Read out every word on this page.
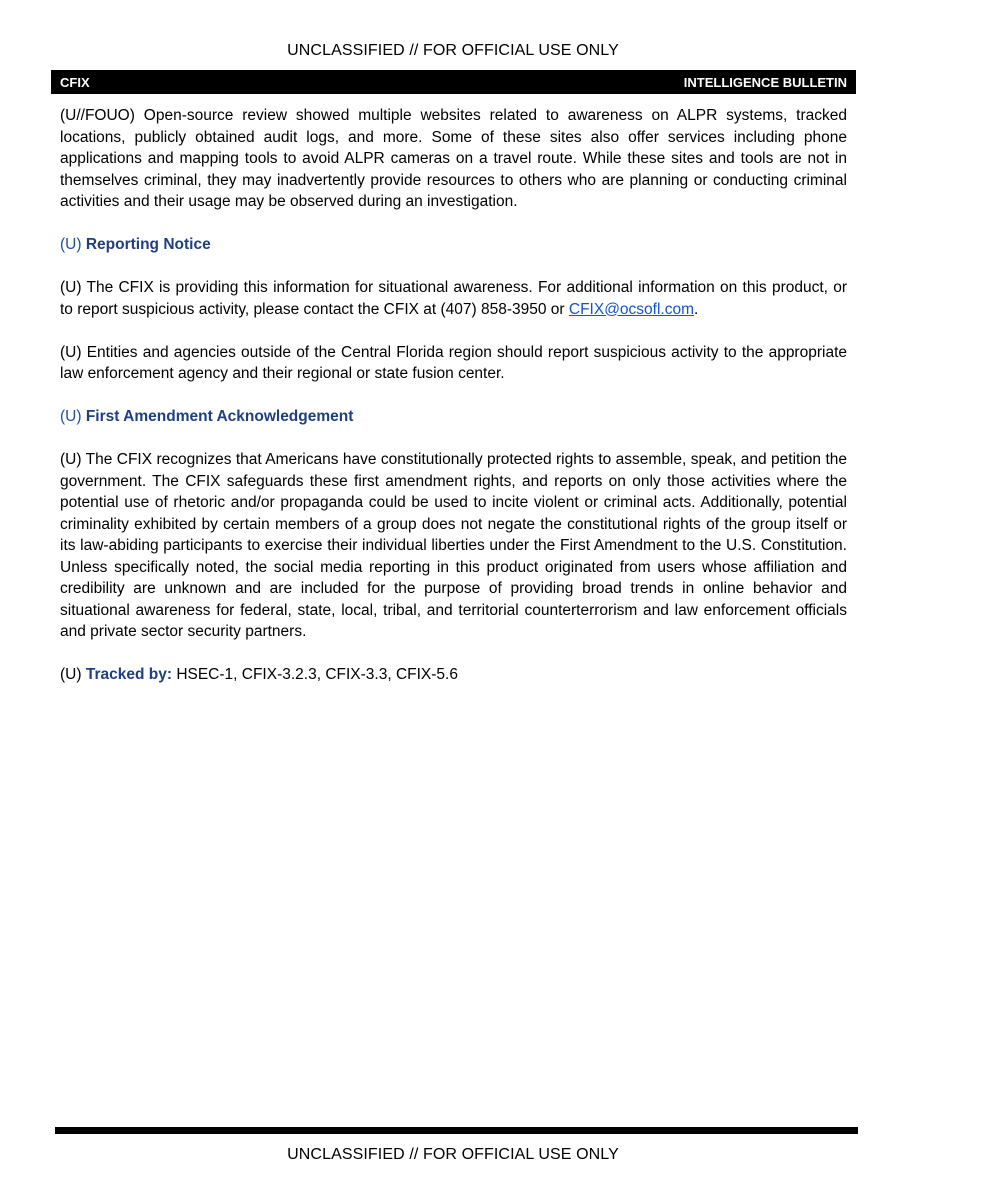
UNCLASSIFIED // FOR OFFICIAL USE ONLY
CFIX	INTELLIGENCE BULLETIN

(U//FOUO) Open-source review showed multiple websites related to awareness on ALPR systems, tracked locations, publicly obtained audit logs, and more. Some of these sites also offer services including phone applications and mapping tools to avoid ALPR cameras on a travel route. While these sites and tools are not in themselves criminal, they may inadvertently provide resources to others who are planning or conducting criminal activities and their usage may be observed during an investigation.

(U) Reporting Notice

(U) The CFIX is providing this information for situational awareness. For additional information on this product, or to report suspicious activity, please contact the CFIX at (407) 858-3950 or CFIX@ocsofl.com.

(U) Entities and agencies outside of the Central Florida region should report suspicious activity to the appropriate law enforcement agency and their regional or state fusion center.

(U) First Amendment Acknowledgement

(U) The CFIX recognizes that Americans have constitutionally protected rights to assemble, speak, and petition the government. The CFIX safeguards these first amendment rights, and reports on only those activities where the potential use of rhetoric and/or propaganda could be used to incite violent or criminal acts. Additionally, potential criminality exhibited by certain members of a group does not negate the constitutional rights of the group itself or its law-abiding participants to exercise their individual liberties under the First Amendment to the U.S. Constitution. Unless specifically noted, the social media reporting in this product originated from users whose affiliation and credibility are unknown and are included for the purpose of providing broad trends in online behavior and situational awareness for federal, state, local, tribal, and territorial counterterrorism and law enforcement officials and private sector security partners.

(U) Tracked by: HSEC-1, CFIX-3.2.3, CFIX-3.3, CFIX-5.6

UNCLASSIFIED // FOR OFFICIAL USE ONLY
